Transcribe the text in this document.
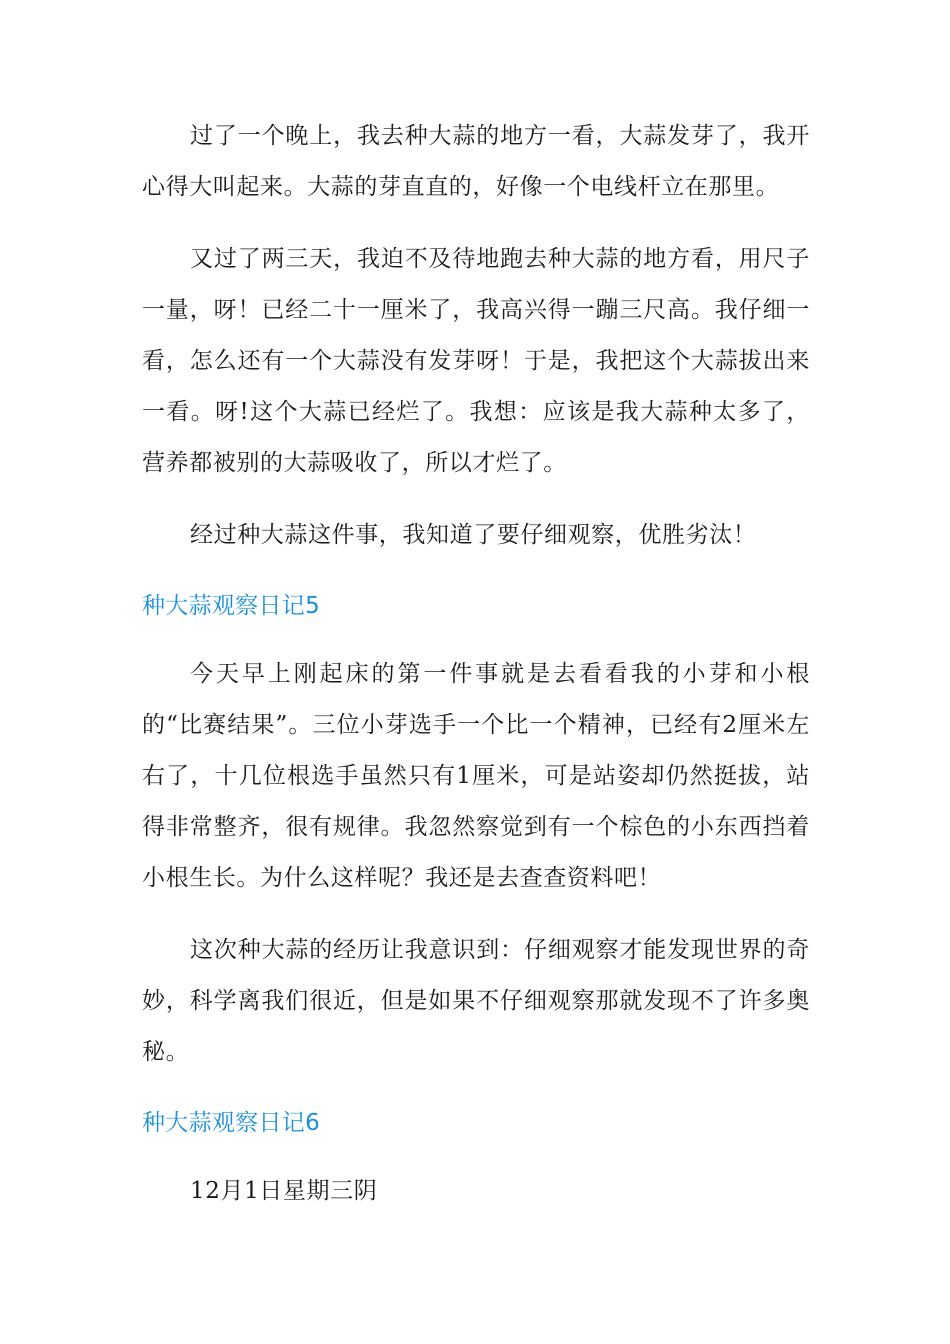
过了一个晚上，我去种大蒜的地方一看，大蒜发芽了，我开心得大叫起来。大蒜的芽直直的，好像一个电线杆立在那里。

又过了两三天，我迫不及待地跑去种大蒜的地方看，用尺子一量，呀！已经二十一厘米了，我高兴得一蹦三尺高。我仔细一看，怎么还有一个大蒜没有发芽呀！于是，我把这个大蒜拔出来一看。呀!这个大蒜已经烂了。我想：应该是我大蒜种太多了，营养都被别的大蒜吸收了，所以才烂了。

经过种大蒜这件事，我知道了要仔细观察，优胜劣汰！

种大蒜观察日记5

今天早上刚起床的第一件事就是去看看我的小芽和小根的“比赛结果”。三位小芽选手一个比一个精神，已经有2厘米左右了，十几位根选手虽然只有1厘米，可是站姿却仍然挺拔，站得非常整齐，很有规律。我忽然察觉到有一个棕色的小东西挡着小根生长。为什么这样呢？我还是去查查资料吧！

这次种大蒜的经历让我意识到：仔细观察才能发现世界的奇妙，科学离我们很近，但是如果不仔细观察那就发现不了许多奥秘。

种大蒜观察日记6

12月1日星期三阴
